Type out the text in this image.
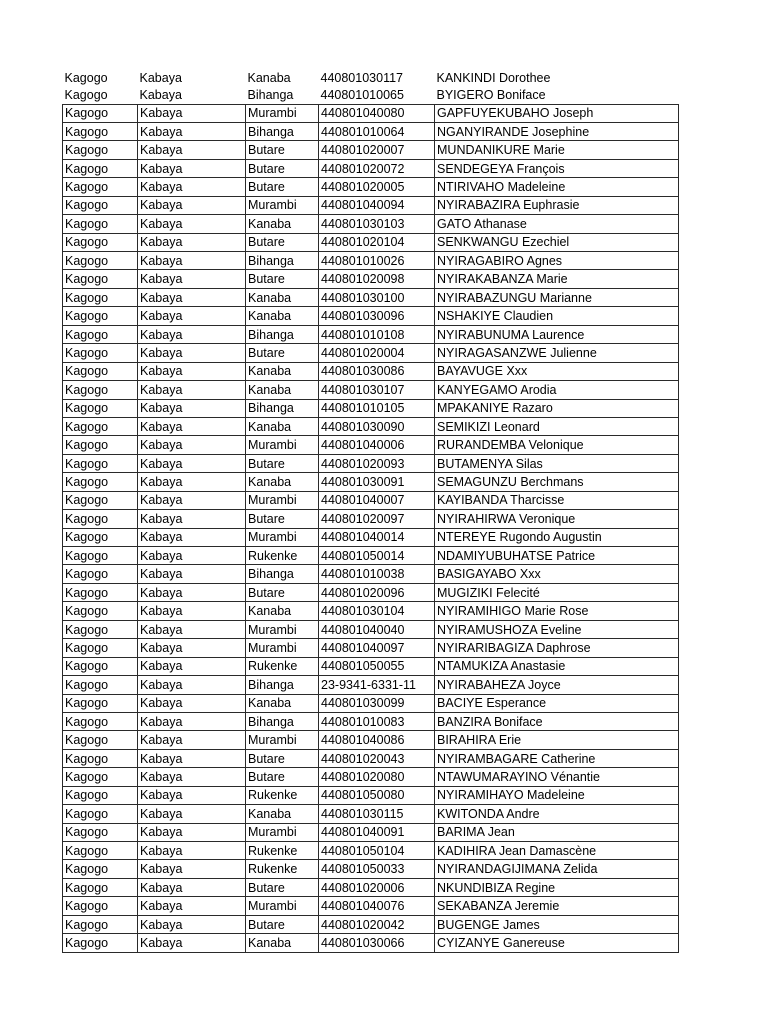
Kagogo	Kabaya	Kanaba	440801030117	KANKINDI Dorothee
Kagogo	Kabaya	Bihanga	440801010065	BYIGERO Boniface
Kagogo	Kabaya	Murambi	440801040080	GAPFUYEKUBAHO Joseph
Kagogo	Kabaya	Bihanga	440801010064	NGANYIRANDE Josephine
Kagogo	Kabaya	Butare	440801020007	MUNDANIKURE Marie
Kagogo	Kabaya	Butare	440801020072	SENDEGEYA François
Kagogo	Kabaya	Butare	440801020005	NTIRIVAHO Madeleine
Kagogo	Kabaya	Murambi	440801040094	NYIRABAZIRA Euphrasie
Kagogo	Kabaya	Kanaba	440801030103	GATO Athanase
Kagogo	Kabaya	Butare	440801020104	SENKWANGU Ezechiel
Kagogo	Kabaya	Bihanga	440801010026	NYIRAGABIRO Agnes
Kagogo	Kabaya	Butare	440801020098	NYIRAKABANZA Marie
Kagogo	Kabaya	Kanaba	440801030100	NYIRABAZUNGU Marianne
Kagogo	Kabaya	Kanaba	440801030096	NSHAKIYE Claudien
Kagogo	Kabaya	Bihanga	440801010108	NYIRABUNUMA Laurence
Kagogo	Kabaya	Butare	440801020004	NYIRAGASANZWE Julienne
Kagogo	Kabaya	Kanaba	440801030086	BAYAVUGE Xxx
Kagogo	Kabaya	Kanaba	440801030107	KANYEGAMO Arodia
Kagogo	Kabaya	Bihanga	440801010105	MPAKANIYE Razaro
Kagogo	Kabaya	Kanaba	440801030090	SEMIKIZI Leonard
Kagogo	Kabaya	Murambi	440801040006	RURANDEMBA Velonique
Kagogo	Kabaya	Butare	440801020093	BUTAMENYA Silas
Kagogo	Kabaya	Kanaba	440801030091	SEMAGUNZU Berchmans
Kagogo	Kabaya	Murambi	440801040007	KAYIBANDA Tharcisse
Kagogo	Kabaya	Butare	440801020097	NYIRAHIRWA Veronique
Kagogo	Kabaya	Murambi	440801040014	NTEREYE Rugondo Augustin
Kagogo	Kabaya	Rukenke	440801050014	NDAMIYUBUHATSE Patrice
Kagogo	Kabaya	Bihanga	440801010038	BASIGAYABO Xxx
Kagogo	Kabaya	Butare	440801020096	MUGIZIKI Felecité
Kagogo	Kabaya	Kanaba	440801030104	NYIRAMIHIGO Marie Rose
Kagogo	Kabaya	Murambi	440801040040	NYIRAMUSHOZA Eveline
Kagogo	Kabaya	Murambi	440801040097	NYIRARIBAGIZA Daphrose
Kagogo	Kabaya	Rukenke	440801050055	NTAMUKIZA Anastasie
Kagogo	Kabaya	Bihanga	23-9341-6331-11	NYIRABAHEZA Joyce
Kagogo	Kabaya	Kanaba	440801030099	BACIYE Esperance
Kagogo	Kabaya	Bihanga	440801010083	BANZIRA Boniface
Kagogo	Kabaya	Murambi	440801040086	BIRAHIRA Erie
Kagogo	Kabaya	Butare	440801020043	NYIRAMBAGARE Catherine
Kagogo	Kabaya	Butare	440801020080	NTAWUMARAYINO Vénantie
Kagogo	Kabaya	Rukenke	440801050080	NYIRAMIHAYO Madeleine
Kagogo	Kabaya	Kanaba	440801030115	KWITONDA Andre
Kagogo	Kabaya	Murambi	440801040091	BARIMA Jean
Kagogo	Kabaya	Rukenke	440801050104	KADIHIRA Jean Damascène
Kagogo	Kabaya	Rukenke	440801050033	NYIRANDAGIJIMANA Zelida
Kagogo	Kabaya	Butare	440801020006	NKUNDIBIZA Regine
Kagogo	Kabaya	Murambi	440801040076	SEKABANZA Jeremie
Kagogo	Kabaya	Butare	440801020042	BUGENGE James
Kagogo	Kabaya	Kanaba	440801030066	CYIZANYE Ganereuse
